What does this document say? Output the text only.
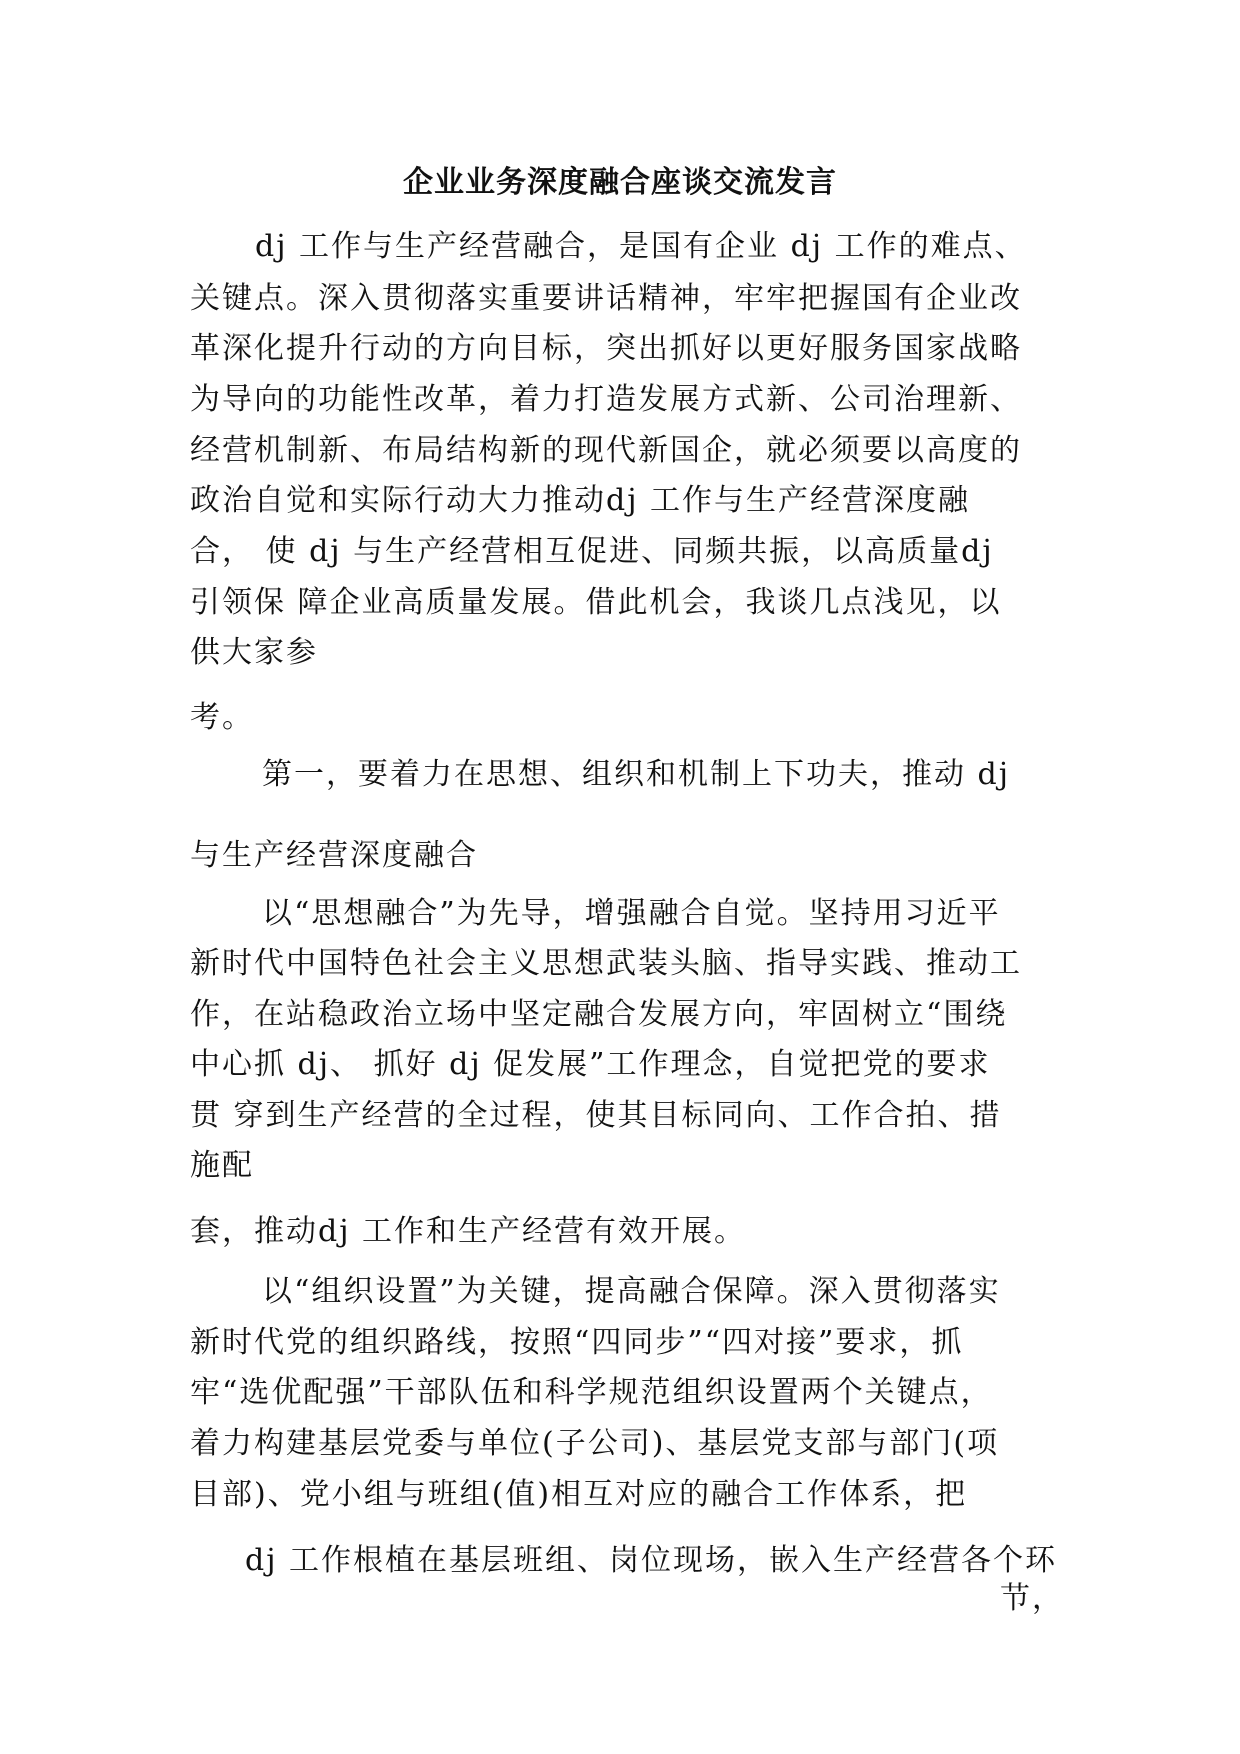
企业业务深度融合座谈交流发言
dj 工作与生产经营融合，是国有企业 dj 工作的难点、
关键点。深入贯彻落实重要讲话精神，牢牢把握国有企业改
革深化提升行动的方向目标，突出抓好以更好服务国家战略
为导向的功能性改革，着力打造发展方式新、公司治理新、
经营机制新、布局结构新的现代新国企，就必须要以高度的
政治自觉和实际行动大力推动dj 工作与生产经营深度融
合， 使 dj 与生产经营相互促进、同频共振，以高质量dj
引领保 障企业高质量发展。借此机会，我谈几点浅见，以
供大家参
考。
第一，要着力在思想、组织和机制上下功夫，推动 dj
与生产经营深度融合
以“思想融合”为先导，增强融合自觉。坚持用习近平
新时代中国特色社会主义思想武装头脑、指导实践、推动工
作，在站稳政治立场中坚定融合发展方向，牢固树立“围绕
中心抓 dj、 抓好 dj 促发展”工作理念，自觉把党的要求
贯 穿到生产经营的全过程，使其目标同向、工作合拍、措
施配
套，推动dj 工作和生产经营有效开展。
以“组织设置”为关键，提高融合保障。深入贯彻落实
新时代党的组织路线，按照“四同步”“四对接”要求，抓
牢“选优配强”干部队伍和科学规范组织设置两个关键点，
着力构建基层党委与单位(子公司)、基层党支部与部门(项
目部)、党小组与班组(值)相互对应的融合工作体系，把
dj 工作根植在基层班组、岗位现场，嵌入生产经营各个环
节，
